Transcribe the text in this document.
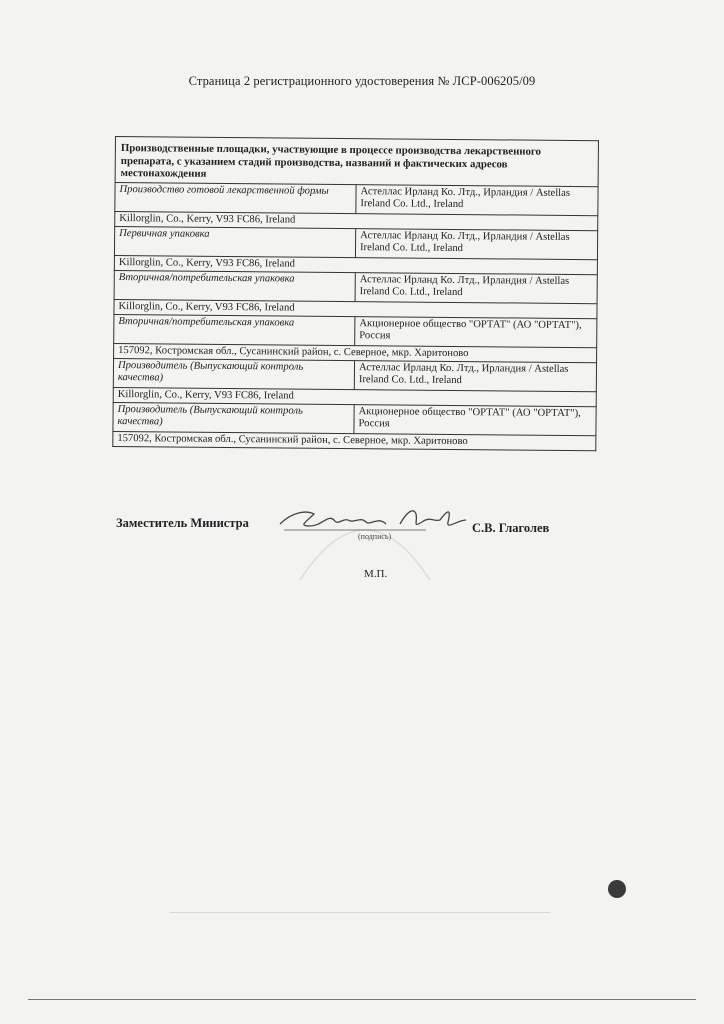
Страница 2 регистрационного удостоверения № ЛСР-006205/09
Производственные площадки, участвующие в процессе производства лекарственного препарата, с указанием стадий производства, названий и фактических адресов местонахождения	
Производство готовой лекарственной формы	Астеллас Ирланд Ко. Лтд., Ирландия / Astellas Ireland Co. Ltd., Ireland
Killorglin, Co., Kerry, V93 FC86, Ireland	
Первичная упаковка	Астеллас Ирланд Ко. Лтд., Ирландия / Astellas Ireland Co. Ltd., Ireland
Killorglin, Co., Kerry, V93 FC86, Ireland	
Вторичная/потребительская упаковка	Астеллас Ирланд Ко. Лтд., Ирландия / Astellas Ireland Co. Ltd., Ireland
Killorglin, Co., Kerry, V93 FC86, Ireland	
Вторичная/потребительская упаковка	Акционерное общество "ОРТАТ" (АО "ОРТАТ"), Россия
157092, Костромская обл., Сусанинский район, с. Северное, мкр. Харитоново	
Производитель (Выпускающий контроль качества)	Астеллас Ирланд Ко. Лтд., Ирландия / Astellas Ireland Co. Ltd., Ireland
Killorglin, Co., Kerry, V93 FC86, Ireland	
Производитель (Выпускающий контроль качества)	Акционерное общество "ОРТАТ" (АО "ОРТАТ"), Россия
157092, Костромская обл., Сусанинский район, с. Северное, мкр. Харитоново	
Заместитель Министра
(подпись)
С.В. Глаголев
М.П.
